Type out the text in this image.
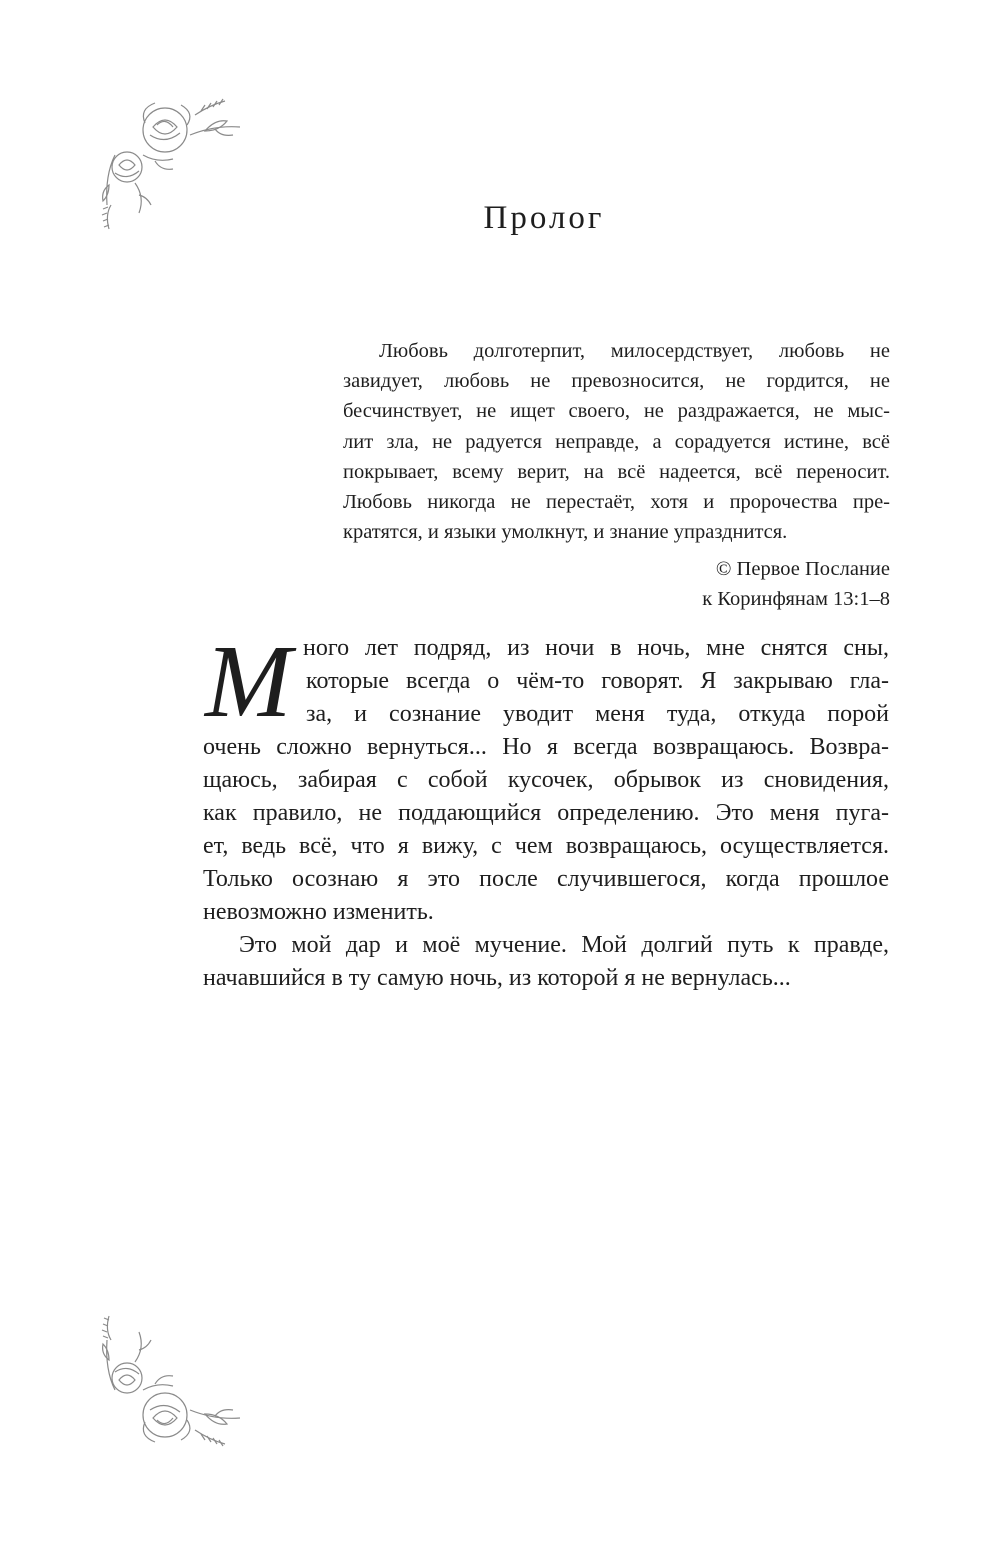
Пролог
Любовь долготерпит, милосердствует, любовь не
завидует, любовь не превозносится, не гордится, не
бесчинствует, не ищет своего, не раздражается, не мыс-
лит зла, не радуется неправде, а сорадуется истине, всё
покрывает, всему верит, на всё надеется, всё переносит.
Любовь никогда не перестаёт, хотя и пророчества пре-
кратятся, и языки умолкнут, и знание упразднится.
© Первое Послание
к Коринфянам 13:1–8
М ного лет подряд, из ночи в ночь, мне снятся сны,
которые всегда о чём-то говорят. Я закрываю гла-
за, и сознание уводит меня туда, откуда порой
очень сложно вернуться... Но я всегда возвращаюсь. Возвра-
щаюсь, забирая с собой кусочек, обрывок из сновидения,
как правило, не поддающийся определению. Это меня пуга-
ет, ведь всё, что я вижу, с чем возвращаюсь, осуществляется.
Только осознаю я это после случившегося, когда прошлое
невозможно изменить.
Это мой дар и моё мучение. Мой долгий путь к правде,
начавшийся в ту самую ночь, из которой я не вернулась...
